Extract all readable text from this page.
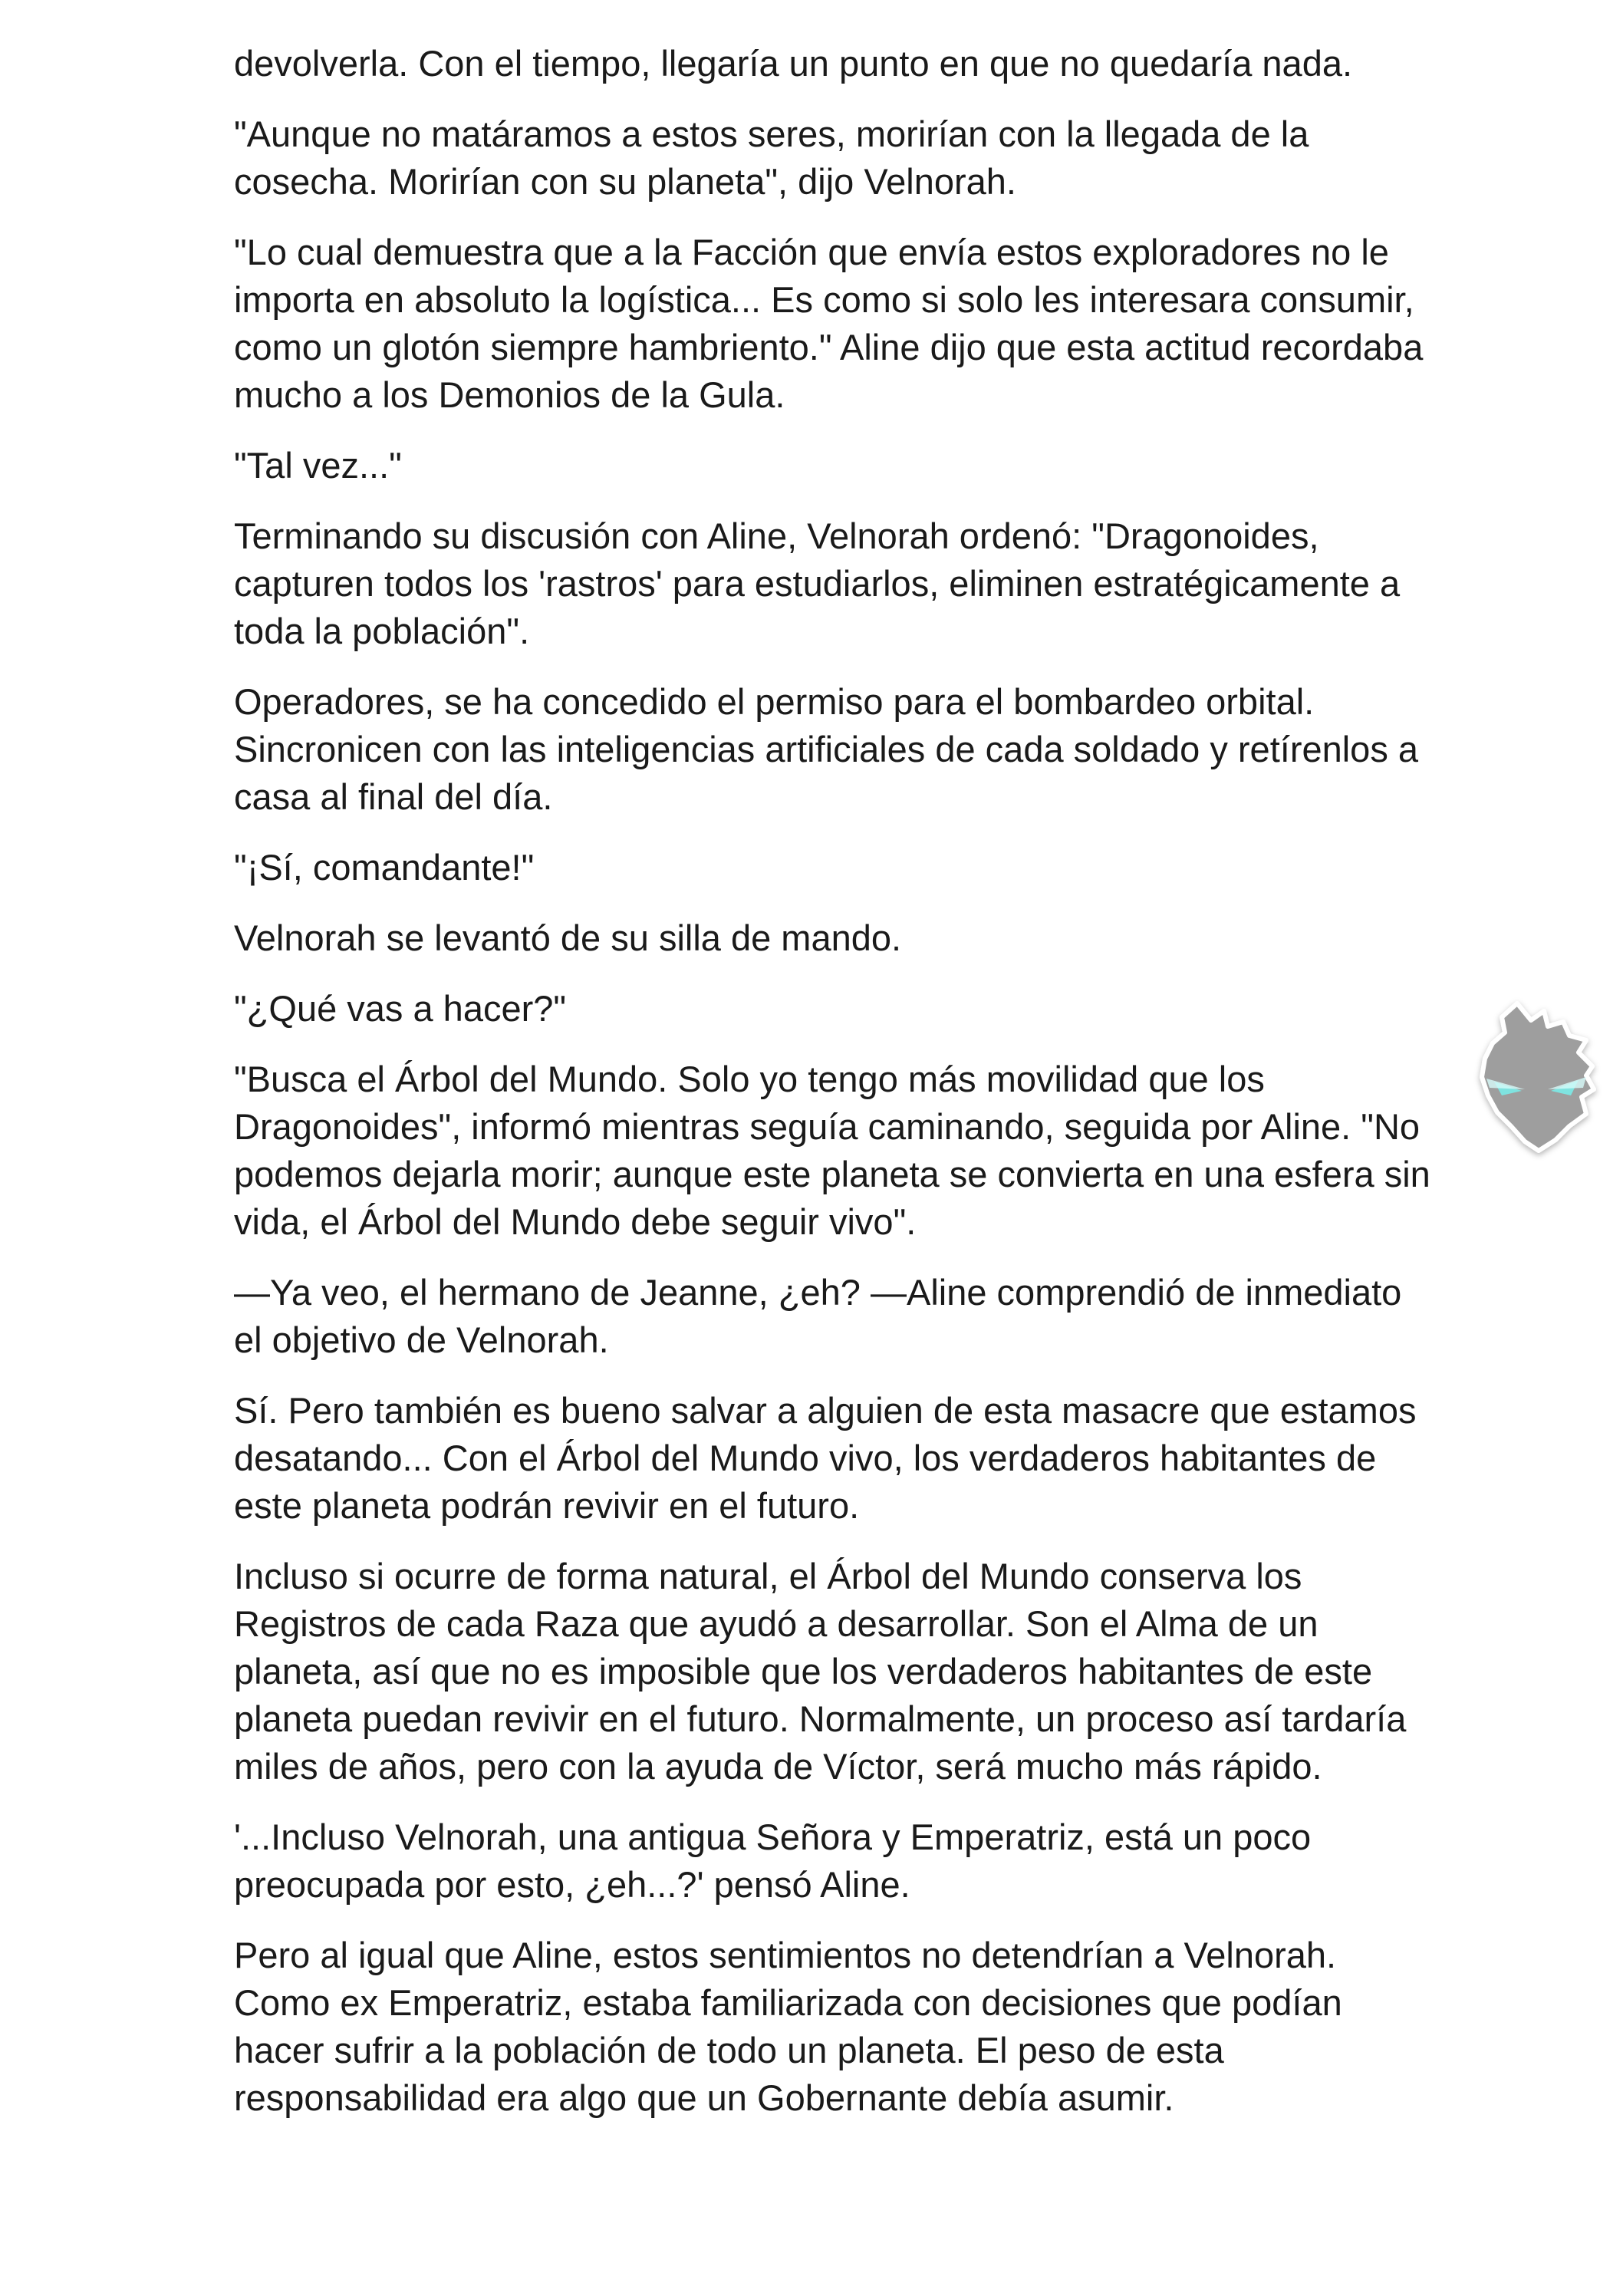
devolverla. Con el tiempo, llegaría un punto en que no quedaría nada.

"Aunque no matáramos a estos seres, morirían con la llegada de la cosecha. Morirían con su planeta", dijo Velnorah.

"Lo cual demuestra que a la Facción que envía estos exploradores no le importa en absoluto la logística... Es como si solo les interesara consumir, como un glotón siempre hambriento." Aline dijo que esta actitud recordaba mucho a los Demonios de la Gula.

"Tal vez..."

Terminando su discusión con Aline, Velnorah ordenó: "Dragonoides, capturen todos los 'rastros' para estudiarlos, eliminen estratégicamente a toda la población".

Operadores, se ha concedido el permiso para el bombardeo orbital. Sincronicen con las inteligencias artificiales de cada soldado y retírenlos a casa al final del día.

"¡Sí, comandante!"

Velnorah se levantó de su silla de mando.

"¿Qué vas a hacer?"

"Busca el Árbol del Mundo. Solo yo tengo más movilidad que los Dragonoides", informó mientras seguía caminando, seguida por Aline. "No podemos dejarla morir; aunque este planeta se convierta en una esfera sin vida, el Árbol del Mundo debe seguir vivo".

—Ya veo, el hermano de Jeanne, ¿eh? —Aline comprendió de inmediato el objetivo de Velnorah.

Sí. Pero también es bueno salvar a alguien de esta masacre que estamos desatando... Con el Árbol del Mundo vivo, los verdaderos habitantes de este planeta podrán revivir en el futuro.

Incluso si ocurre de forma natural, el Árbol del Mundo conserva los Registros de cada Raza que ayudó a desarrollar. Son el Alma de un planeta, así que no es imposible que los verdaderos habitantes de este planeta puedan revivir en el futuro. Normalmente, un proceso así tardaría miles de años, pero con la ayuda de Víctor, será mucho más rápido.

'...Incluso Velnorah, una antigua Señora y Emperatriz, está un poco preocupada por esto, ¿eh...?' pensó Aline.

Pero al igual que Aline, estos sentimientos no detendrían a Velnorah. Como ex Emperatriz, estaba familiarizada con decisiones que podían hacer sufrir a la población de todo un planeta. El peso de esta responsabilidad era algo que un Gobernante debía asumir.
